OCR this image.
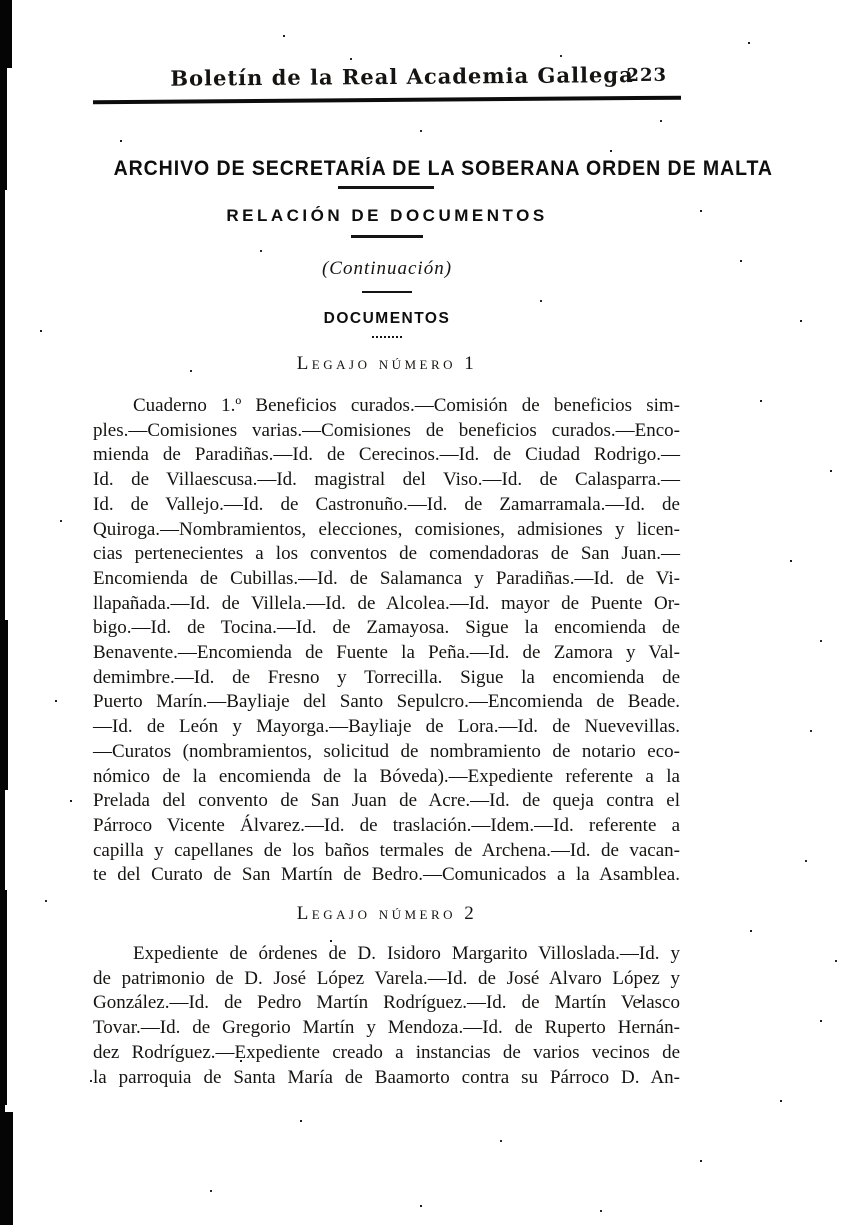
Boletín de la Real Academia Gallega
223
ARCHIVO DE SECRETARÍA DE LA SOBERANA ORDEN DE MALTA
RELACIÓN DE DOCUMENTOS
(Continuación)
DOCUMENTOS
Legajo número 1
Cuaderno 1.º Beneficios curados.—Comisión de beneficios sim-
ples.—Comisiones varias.—Comisiones de beneficios curados.—Enco-
mienda de Paradiñas.—Id. de Cerecinos.—Id. de Ciudad Rodrigo.—
Id. de Villaescusa.—Id. magistral del Viso.—Id. de Calasparra.—
Id. de Vallejo.—Id. de Castronuño.—Id. de Zamarramala.—Id. de
Quiroga.—Nombramientos, elecciones, comisiones, admisiones y licen-
cias pertenecientes a los conventos de comendadoras de San Juan.—
Encomienda de Cubillas.—Id. de Salamanca y Paradiñas.—Id. de Vi-
llapañada.—Id. de Villela.—Id. de Alcolea.—Id. mayor de Puente Or-
bigo.—Id. de Tocina.—Id. de Zamayosa. Sigue la encomienda de
Benavente.—Encomienda de Fuente la Peña.—Id. de Zamora y Val-
demimbre.—Id. de Fresno y Torrecilla. Sigue la encomienda de
Puerto Marín.—Bayliaje del Santo Sepulcro.—Encomienda de Beade.
—Id. de León y Mayorga.—Bayliaje de Lora.—Id. de Nuevevillas.
—Curatos (nombramientos, solicitud de nombramiento de notario eco-
nómico de la encomienda de la Bóveda).—Expediente referente a la
Prelada del convento de San Juan de Acre.—Id. de queja contra el
Párroco Vicente Álvarez.—Id. de traslación.—Idem.—Id. referente a
capilla y capellanes de los baños termales de Archena.—Id. de vacan-
te del Curato de San Martín de Bedro.—Comunicados a la Asamblea.
Legajo número 2
Expediente de órdenes de D. Isidoro Margarito Villoslada.—Id. y
de patrimonio de D. José López Varela.—Id. de José Alvaro López y
González.—Id. de Pedro Martín Rodríguez.—Id. de Martín Velasco
Tovar.—Id. de Gregorio Martín y Mendoza.—Id. de Ruperto Hernán-
dez Rodríguez.—Expediente creado a instancias de varios vecinos de
la parroquia de Santa María de Baamorto contra su Párroco D. An-
